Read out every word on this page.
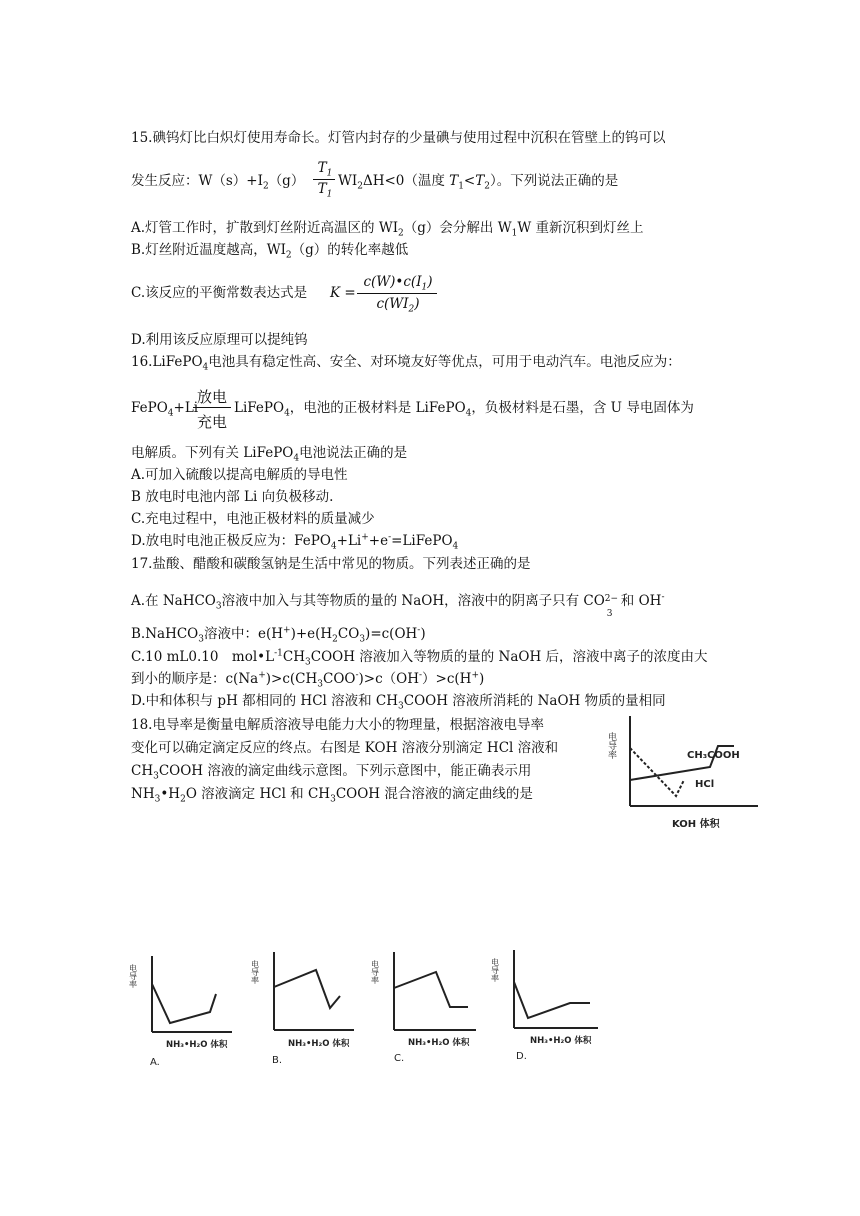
15.碘钨灯比白炽灯使用寿命长。灯管内封存的少量碘与使用过程中沉积在管壁上的钨可以
发生反应：$W(s)+I_2(g)$
$T_1$
$T_1$
$WI_2\Delta H<0$（温度 $T_1<T_2$）。下列说法正确的是
A.灯管工作时，扩散到灯丝附近高温区的 $WI_2(g)$会分解出 $W_1W$ 重新沉积到灯丝上
B.灯丝附近温度越高，$WI_2(g)$的转化率越低
C.该反应的平衡常数表达式是 K =
$c(W)•c(I_1)$
$c(WI_2)$
D.利用该反应原理可以提纯钨
16.LiFePO$_4$电池具有稳定性高、安全、对环境友好等优点，可用于电动汽车。电池反应为：
FePO$_4$+Li
放电
充电
LiFePO$_4$，电池的正极材料是 LiFePO$_4$，负极材料是石墨，含 U 导电固体为
电解质。下列有关 LiFePO$_4$电池说法正确的是
A.可加入硫酸以提高电解质的导电性
B 放电时电池内部 Li 向负极移动.
C.充电过程中，电池正极材料的质量减少
D.放电时电池正极反应为：FePO$_4$+Li++e-=LiFePO$_4$
17.盐酸、醋酸和碳酸氢钠是生活中常见的物质。下列表述正确的是
A.在 NaHCO$_3$溶液中加入与其等物质的量的 NaOH，溶液中的阴离子只有 CO 2−
3
和 OH-
B.NaHCO$_3$溶液中：$e(H^+)+e(H_2CO_3)=c(OH^-)$
C.10 mL0.10　$mol•L^{-1}CH_3COOH$ 溶液加入等物质的量的 NaOH 后，溶液中离子的浓度由大
到小的顺序是：$c(Na^+)>c(CH_3COO^-)>c(OH^-)>c(H^+)$
D.中和体积与 pH 都相同的 HCl 溶液和 $CH_3COOH$ 溶液所消耗的 NaOH 物质的量相同
18.电导率是衡量电解质溶液导电能力大小的物理量，根据溶液电导率
变化可以确定滴定反应的终点。右图是 KOH 溶液分别滴定 HCl 溶液和
$CH_3COOH$ 溶液的滴定曲线示意图。下列示意图中，能正确表示用
$NH_3•H_2O$ 溶液滴定 HCl 和 $CH_3COOH$ 混合溶液的滴定曲线的是
电导率	CH₃COOH
HCl
KOH 体积
电导率
NH₃•H₂O 体积
A.
电导率
NH₃•H₂O 体积
B.
电导率
NH₃•H₂O 体积
C.
电导率
NH₃•H₂O 体积
D.
